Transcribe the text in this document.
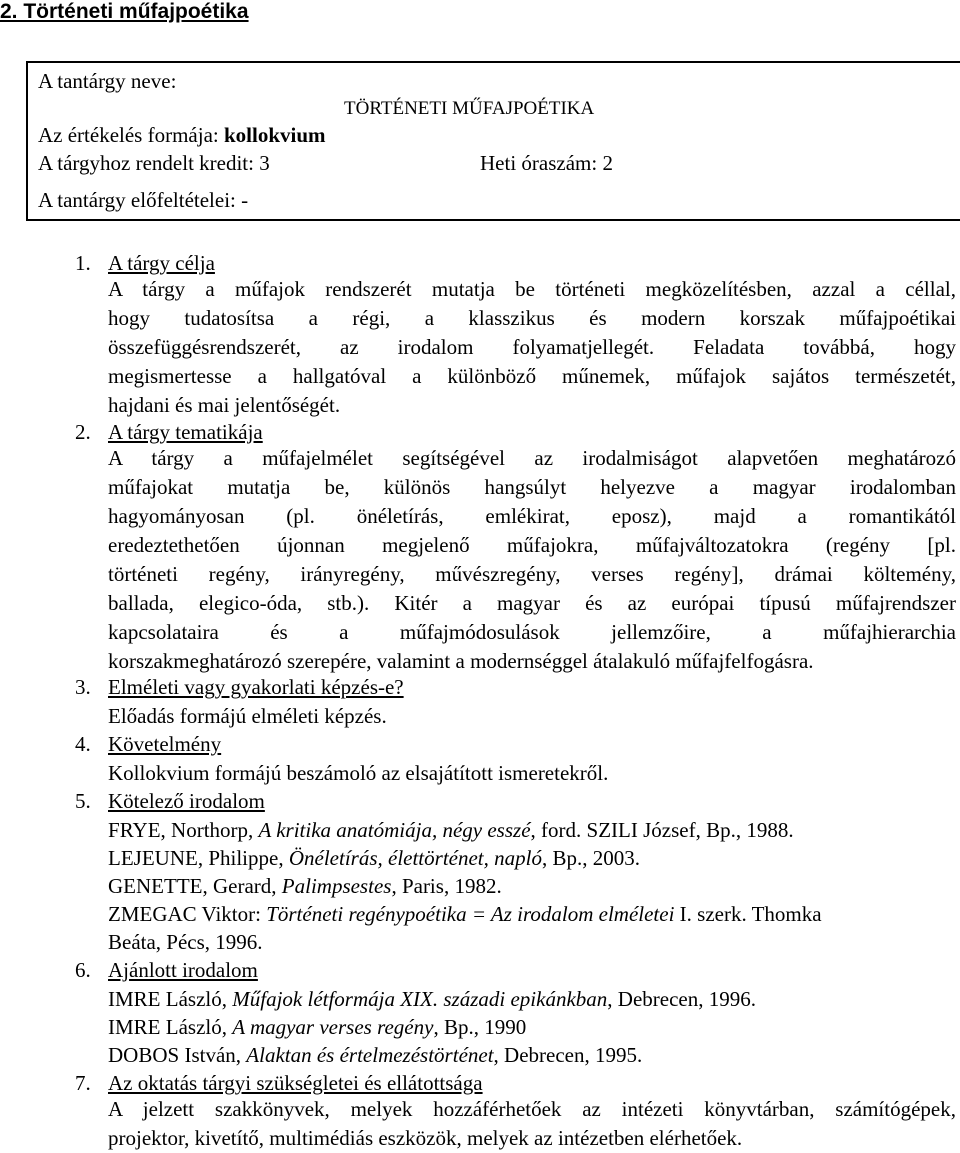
2. Történeti műfajpoétika
A tantárgy neve:
TÖRTÉNETI MŰFAJPOÉTIKA
Az értékelés formája: kollokvium
A tárgyhoz rendelt kredit: 3	Heti óraszám: 2
A tantárgy előfeltételei: -
1. A tárgy célja
A tárgy a műfajok rendszerét mutatja be történeti megközelítésben, azzal a céllal,
hogy tudatosítsa a régi, a klasszikus és modern korszak műfajpoétikai
összefüggésrendszerét, az irodalom folyamatjellegét. Feladata továbbá, hogy
megismertesse a hallgatóval a különböző műnemek, műfajok sajátos természetét,
hajdani és mai jelentőségét.
2. A tárgy tematikája
A tárgy a műfajelmélet segítségével az irodalmiságot alapvetően meghatározó
műfajokat mutatja be, különös hangsúlyt helyezve a magyar irodalomban
hagyományosan (pl. önéletírás, emlékirat, eposz), majd a romantikától
eredeztethetően újonnan megjelenő műfajokra, műfajváltozatokra (regény [pl.
történeti regény, irányregény, művészregény, verses regény], drámai költemény,
ballada, elegico-óda, stb.). Kitér a magyar és az európai típusú műfajrendszer
kapcsolataira és a műfajmódosulások jellemzőire, a műfajhierarchia
korszakmeghatározó szerepére, valamint a modernséggel átalakuló műfajfelfogásra.
3. Elméleti vagy gyakorlati képzés-e?
Előadás formájú elméleti képzés.
4. Követelmény
Kollokvium formájú beszámoló az elsajátított ismeretekről.
5. Kötelező irodalom
FRYE, Northorp, A kritika anatómiája, négy esszé, ford. SZILI József, Bp., 1988.
LEJEUNE, Philippe, Önéletírás, élettörténet, napló, Bp., 2003.
GENETTE, Gerard, Palimpsestes, Paris, 1982.
ZMEGAC Viktor: Történeti regénypoétika = Az irodalom elméletei I. szerk. Thomka
Beáta, Pécs, 1996.
6. Ajánlott irodalom
IMRE László, Műfajok létformája XIX. századi epikánkban, Debrecen, 1996.
IMRE László, A magyar verses regény, Bp., 1990
DOBOS István, Alaktan és értelmezéstörténet, Debrecen, 1995.
7. Az oktatás tárgyi szükségletei és ellátottsága
A jelzett szakkönyvek, melyek hozzáférhetőek az intézeti könyvtárban, számítógépek,
projektor, kivetítő, multimédiás eszközök, melyek az intézetben elérhetőek.
